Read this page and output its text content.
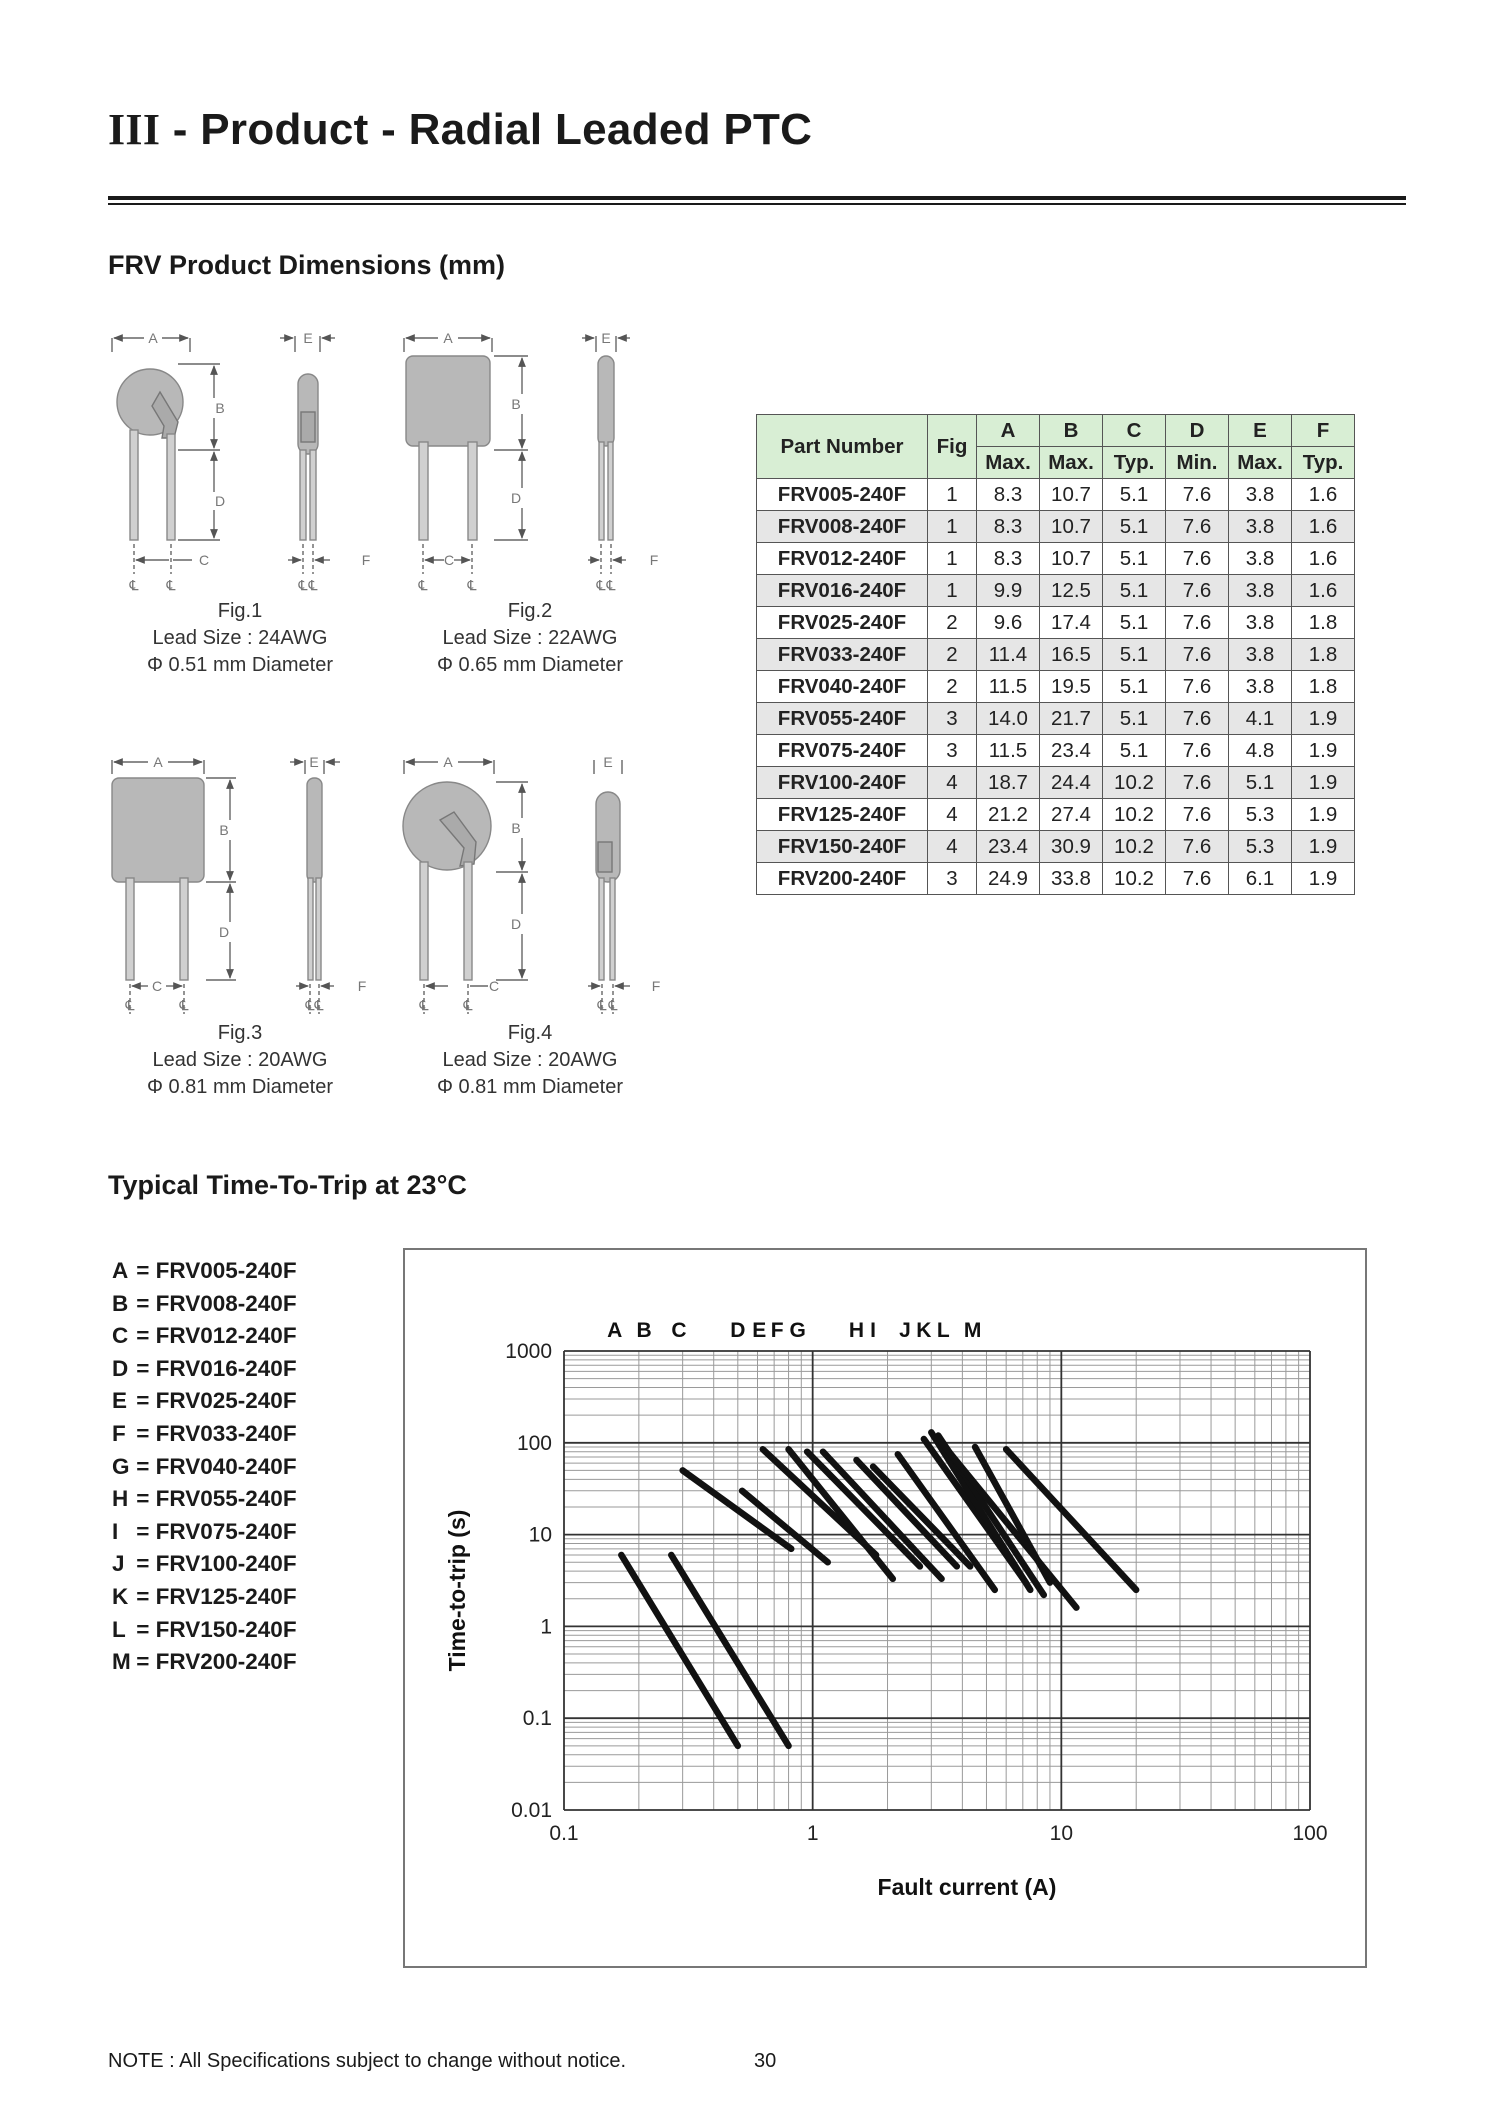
III - Product - Radial Leaded PTC
FRV Product Dimensions (mm)
A
B
D
C
E
F
A
B
D
C
E
F
A
B
D
C
E
F
A
B
D
C
E
F
℄ ℄	℄ ℄	℄	℄	℄ ℄
℄	℄	℄ ℄	℄	℄	℄ ℄
Fig.1
Lead Size : 24AWG
Φ 0.51 mm Diameter
Fig.2
Lead Size : 22AWG
Φ 0.65 mm Diameter
Fig.3
Lead Size : 20AWG
Φ 0.81 mm Diameter
Fig.4
Lead Size : 20AWG
Φ 0.81 mm Diameter
Part Number	Fig	A	B	C	D	E	F
		Max.	Max.	Typ.	Min.	Max.	Typ.
FRV005-240F	1	8.3	10.7	5.1	7.6	3.8	1.6
FRV008-240F	1	8.3	10.7	5.1	7.6	3.8	1.6
FRV012-240F	1	8.3	10.7	5.1	7.6	3.8	1.6
FRV016-240F	1	9.9	12.5	5.1	7.6	3.8	1.6
FRV025-240F	2	9.6	17.4	5.1	7.6	3.8	1.8
FRV033-240F	2	11.4	16.5	5.1	7.6	3.8	1.8
FRV040-240F	2	11.5	19.5	5.1	7.6	3.8	1.8
FRV055-240F	3	14.0	21.7	5.1	7.6	4.1	1.9
FRV075-240F	3	11.5	23.4	5.1	7.6	4.8	1.9
FRV100-240F	4	18.7	24.4	10.2	7.6	5.1	1.9
FRV125-240F	4	21.2	27.4	10.2	7.6	5.3	1.9
FRV150-240F	4	23.4	30.9	10.2	7.6	5.3	1.9
FRV200-240F	3	24.9	33.8	10.2	7.6	6.1	1.9
Typical Time-To-Trip at 23°C
A = FRV005-240F
B = FRV008-240F
C = FRV012-240F
D = FRV016-240F
E = FRV025-240F
F = FRV033-240F
G = FRV040-240F
H = FRV055-240F
I = FRV075-240F
J = FRV100-240F
K = FRV125-240F
L = FRV150-240F
M = FRV200-240F
0.1	1	10	100
1000
100
10
1
0.1
0.01
Fault current (A)
Time-to-trip (s)
A B C D E F G H I J K L M
NOTE : All Specifications subject to change without notice.	30
